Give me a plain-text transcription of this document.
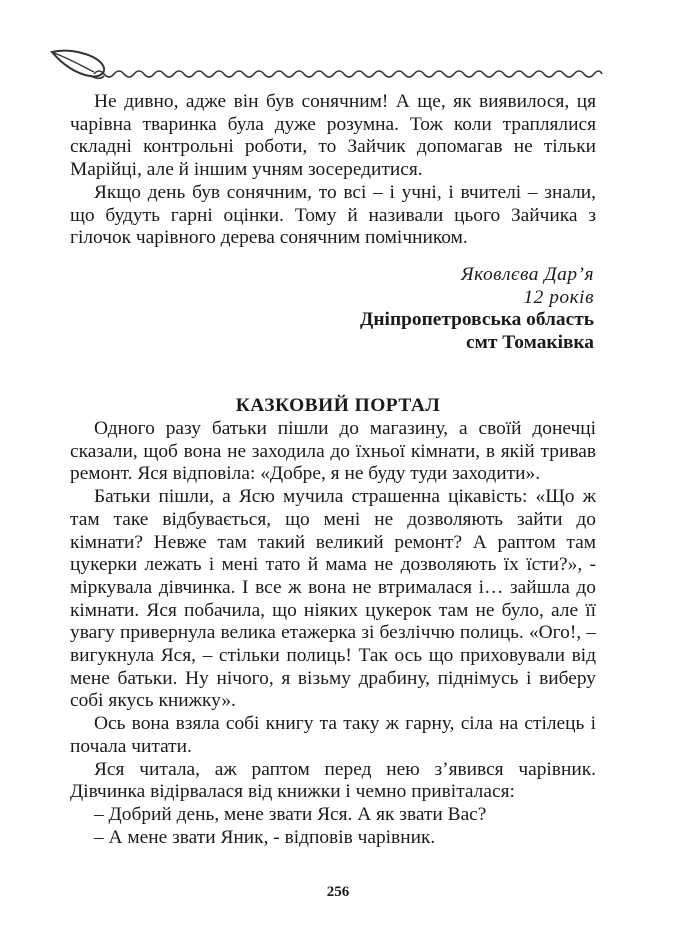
Не дивно, адже він був сонячним! А ще, як виявилося, ця чарівна тваринка була дуже розумна. Тож коли траплялися складні контрольні роботи, то Зайчик допомагав не тільки Марійці, але й іншим учням зосередитися.

Якщо день був сонячним, то всі – і учні, і вчителі – знали, що будуть гарні оцінки. Тому й називали цього Зайчика з гілочок чарівного дерева сонячним помічником.

Яковлєва Дар’я
12 років
Дніпропетровська область
смт Томаківка
КАЗКОВИЙ ПОРТАЛ

Одного разу батьки пішли до магазину, а своїй донечці сказали, щоб вона не заходила до їхньої кімнати, в якій тривав ремонт. Яся відповіла: «Добре, я не буду туди заходити».

Батьки пішли, а Ясю мучила страшенна цікавість: «Що ж там таке відбувається, що мені не дозволяють зайти до кімнати? Невже там такий великий ремонт? А раптом там цукерки лежать і мені тато й мама не дозволяють їх їсти?», - міркувала дівчинка. І все ж вона не втрималася і… зайшла до кімнати. Яся побачила, що ніяких цукерок там не було, але її увагу привернула велика етажерка зі безліччю полиць. «Ого!, – вигукнула Яся, – стільки полиць! Так ось що приховували від мене батьки. Ну нічого, я візьму драбину, піднімусь і виберу собі якусь книжку».

Ось вона взяла собі книгу та таку ж гарну, сіла на стілець і почала читати.

Яся читала, аж раптом перед нею з’явився чарівник. Дівчинка відірвалася від книжки і чемно привіталася:

– Добрий день, мене звати Яся. А як звати Вас?

– А мене звати Яник, - відповів чарівник.

256
